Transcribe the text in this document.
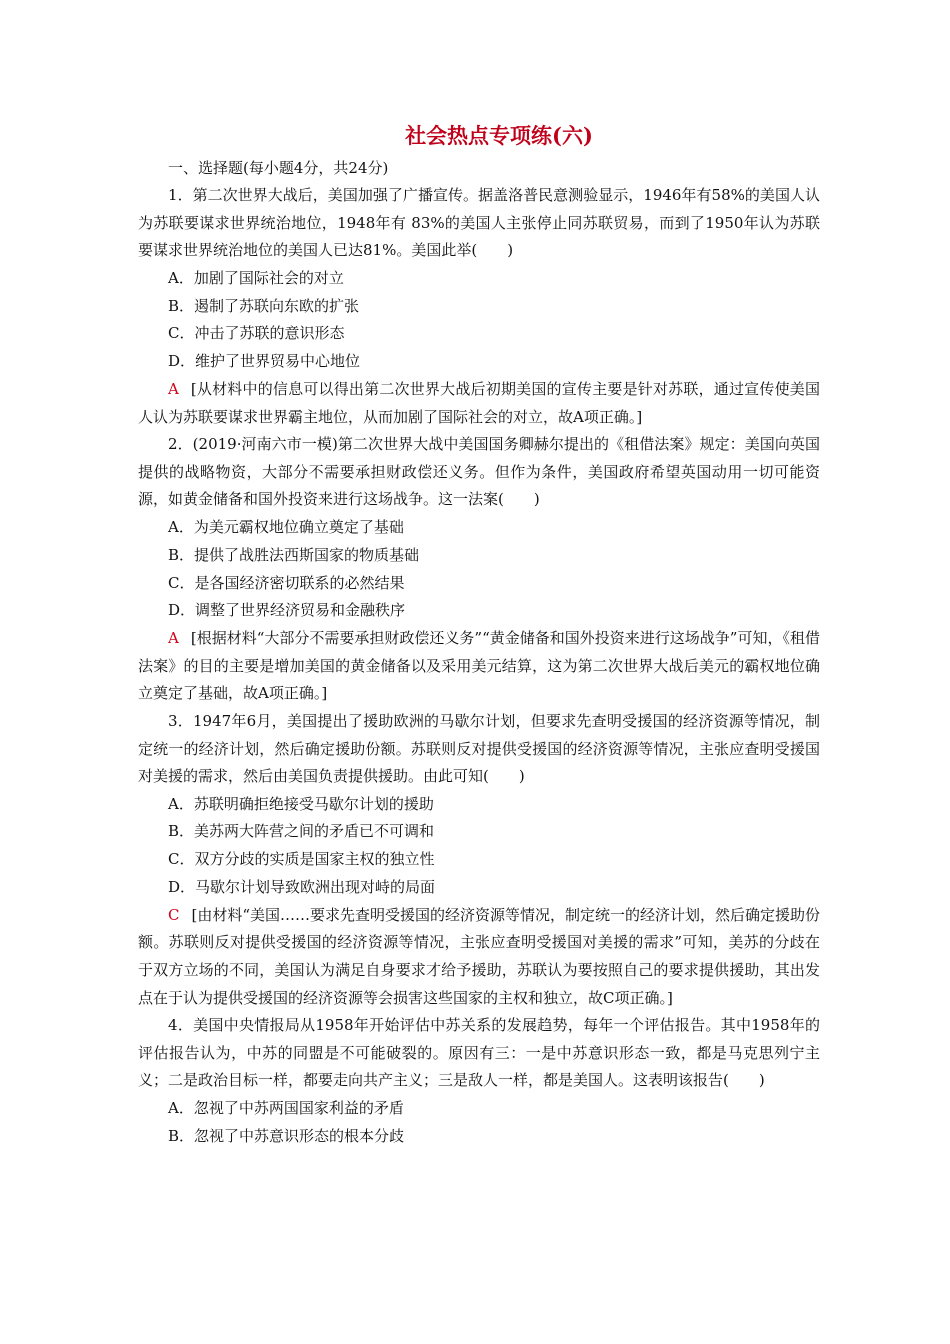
社会热点专项练(六)
一、选择题(每小题4分，共24分)

1．第二次世界大战后，美国加强了广播宣传。据盖洛普民意测验显示，1946年有58%的美国人认为苏联要谋求世界统治地位，1948年有 83%的美国人主张停止同苏联贸易，而到了1950年认为苏联要谋求世界统治地位的美国人已达81%。美国此举(　　)

A．加剧了国际社会的对立

B．遏制了苏联向东欧的扩张

C．冲击了苏联的意识形态

D．维护了世界贸易中心地位

A [从材料中的信息可以得出第二次世界大战后初期美国的宣传主要是针对苏联，通过宣传使美国人认为苏联要谋求世界霸主地位，从而加剧了国际社会的对立，故A项正确。]

2．(2019·河南六市一模)第二次世界大战中美国国务卿赫尔提出的《租借法案》规定：美国向英国提供的战略物资，大部分不需要承担财政偿还义务。但作为条件，美国政府希望英国动用一切可能资源，如黄金储备和国外投资来进行这场战争。这一法案(　　)

A．为美元霸权地位确立奠定了基础

B．提供了战胜法西斯国家的物质基础

C．是各国经济密切联系的必然结果

D．调整了世界经济贸易和金融秩序

A [根据材料“大部分不需要承担财政偿还义务”“黄金储备和国外投资来进行这场战争”可知，《租借法案》的目的主要是增加美国的黄金储备以及采用美元结算，这为第二次世界大战后美元的霸权地位确立奠定了基础，故A项正确。]

3．1947年6月，美国提出了援助欧洲的马歇尔计划，但要求先查明受援国的经济资源等情况，制定统一的经济计划，然后确定援助份额。苏联则反对提供受援国的经济资源等情况，主张应查明受援国对美援的需求，然后由美国负责提供援助。由此可知(　　)

A．苏联明确拒绝接受马歇尔计划的援助

B．美苏两大阵营之间的矛盾已不可调和

C．双方分歧的实质是国家主权的独立性

D．马歇尔计划导致欧洲出现对峙的局面

C [由材料“美国……要求先查明受援国的经济资源等情况，制定统一的经济计划，然后确定援助份额。苏联则反对提供受援国的经济资源等情况，主张应查明受援国对美援的需求”可知，美苏的分歧在于双方立场的不同，美国认为满足自身要求才给予援助，苏联认为要按照自己的要求提供援助，其出发点在于认为提供受援国的经济资源等会损害这些国家的主权和独立，故C项正确。]

4．美国中央情报局从1958年开始评估中苏关系的发展趋势，每年一个评估报告。其中1958年的评估报告认为，中苏的同盟是不可能破裂的。原因有三：一是中苏意识形态一致，都是马克思列宁主义；二是政治目标一样，都要走向共产主义；三是敌人一样，都是美国人。这表明该报告(　　)

A．忽视了中苏两国国家利益的矛盾

B．忽视了中苏意识形态的根本分歧
